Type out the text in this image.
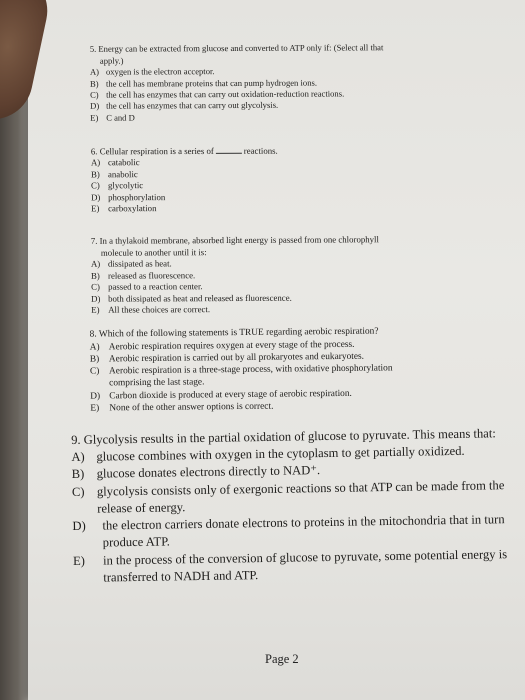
5. Energy can be extracted from glucose and converted to ATP only if: (Select all that
apply.)
A) oxygen is the electron acceptor.
B) the cell has membrane proteins that can pump hydrogen ions.
C) the cell has enzymes that can carry out oxidation-reduction reactions.
D) the cell has enzymes that can carry out glycolysis.
E) C and D
6. Cellular respiration is a series of	reactions.
A) catabolic
B) anabolic
C) glycolytic
D) phosphorylation
E) carboxylation
7. In a thylakoid membrane, absorbed light energy is passed from one chlorophyll
molecule to another until it is:
A) dissipated as heat.
B) released as fluorescence.
C) passed to a reaction center.
D) both dissipated as heat and released as fluorescence.
E) All these choices are correct.
8. Which of the following statements is TRUE regarding aerobic respiration?
A) Aerobic respiration requires oxygen at every stage of the process.
B) Aerobic respiration is carried out by all prokaryotes and eukaryotes.
C) Aerobic respiration is a three-stage process, with oxidative phosphorylation
comprising the last stage.
D) Carbon dioxide is produced at every stage of aerobic respiration.
E) None of the other answer options is correct.
9. Glycolysis results in the partial oxidation of glucose to pyruvate. This means that:
A) glucose combines with oxygen in the cytoplasm to get partially oxidized.
B) glucose donates electrons directly to NAD⁺.
C) glycolysis consists only of exergonic reactions so that ATP can be made from the
release of energy.
D) the electron carriers donate electrons to proteins in the mitochondria that in turn
produce ATP.
E) in the process of the conversion of glucose to pyruvate, some potential energy is
transferred to NADH and ATP.
Page 2
